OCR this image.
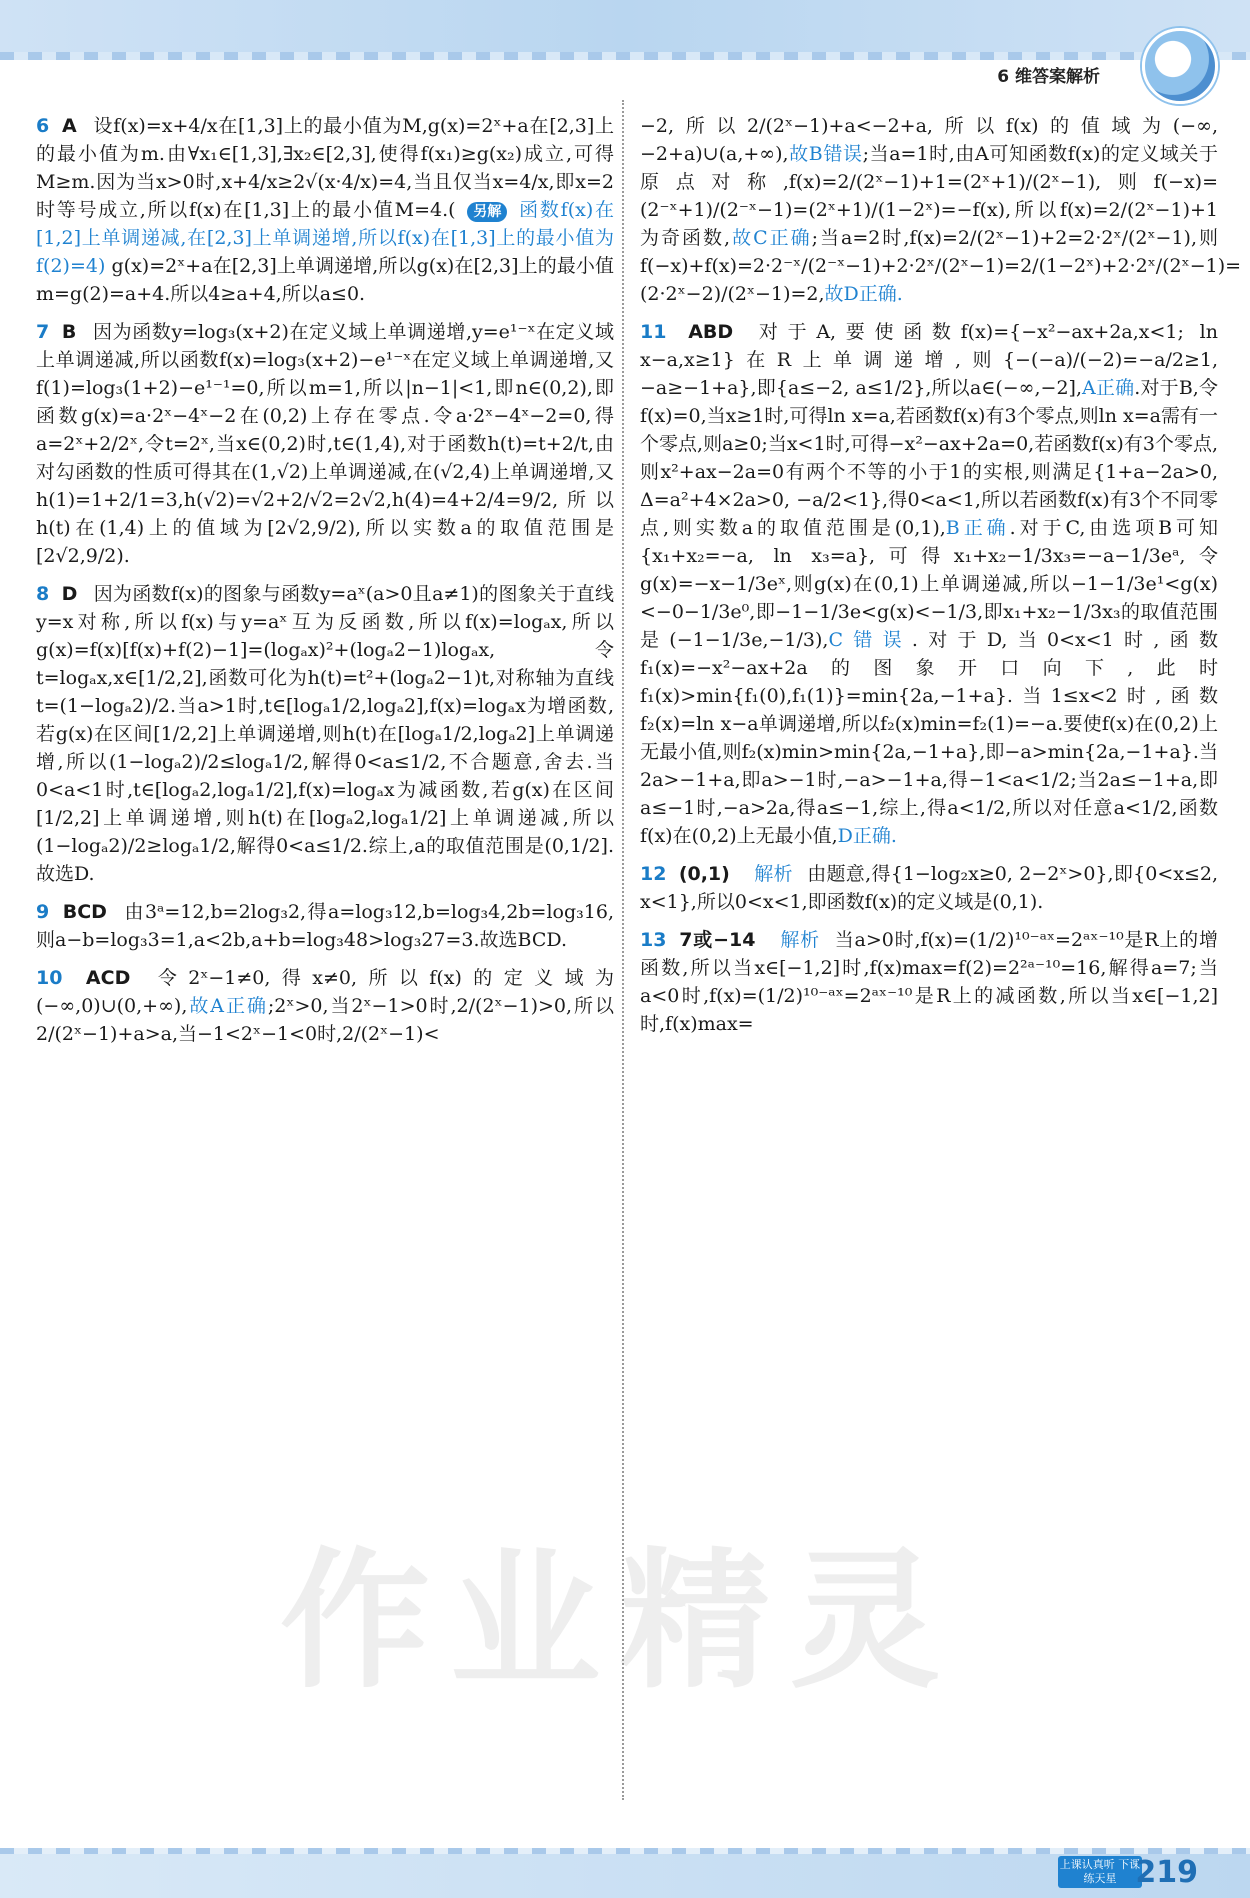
6 维答案解析
6 A 设f(x)=x+4/x在[1,3]上的最小值为M,g(x)=2ˣ+a在[2,3]上的最小值为m.由∀x₁∈[1,3],∃x₂∈[2,3],使得f(x₁)≥g(x₂)成立,可得M≥m.因为当x>0时,x+4/x≥2√(x·4/x)=4,当且仅当x=4/x,即x=2时等号成立,所以f(x)在[1,3]上的最小值M=4.( 另解 函数f(x)在[1,2]上单调递减,在[2,3]上单调递增,所以f(x)在[1,3]上的最小值为f(2)=4) g(x)=2ˣ+a在[2,3]上单调递增,所以g(x)在[2,3]上的最小值m=g(2)=a+4.所以4≥a+4,所以a≤0.
7 B 因为函数y=log₃(x+2)在定义域上单调递增,y=e¹⁻ˣ在定义域上单调递减,所以函数f(x)=log₃(x+2)−e¹⁻ˣ在定义域上单调递增,又f(1)=log₃(1+2)−e¹⁻¹=0,所以m=1,所以|n−1|<1,即n∈(0,2),即函数g(x)=a·2ˣ−4ˣ−2在(0,2)上存在零点.令a·2ˣ−4ˣ−2=0,得a=2ˣ+2/2ˣ,令t=2ˣ,当x∈(0,2)时,t∈(1,4),对于函数h(t)=t+2/t,由对勾函数的性质可得其在(1,√2)上单调递减,在(√2,4)上单调递增,又h(1)=1+2/1=3,h(√2)=√2+2/√2=2√2,h(4)=4+2/4=9/2,所以h(t)在(1,4)上的值域为[2√2,9/2),所以实数a的取值范围是[2√2,9/2).
8 D 因为函数f(x)的图象与函数y=aˣ(a>0且a≠1)的图象关于直线y=x对称,所以f(x)与y=aˣ互为反函数,所以f(x)=logₐx,所以g(x)=f(x)[f(x)+f(2)−1]=(logₐx)²+(logₐ2−1)logₐx,令t=logₐx,x∈[1/2,2],函数可化为h(t)=t²+(logₐ2−1)t,对称轴为直线t=(1−logₐ2)/2.当a>1时,t∈[logₐ1/2,logₐ2],f(x)=logₐx为增函数,若g(x)在区间[1/2,2]上单调递增,则h(t)在[logₐ1/2,logₐ2]上单调递增,所以(1−logₐ2)/2≤logₐ1/2,解得0<a≤1/2,不合题意,舍去.当0<a<1时,t∈[logₐ2,logₐ1/2],f(x)=logₐx为减函数,若g(x)在区间[1/2,2]上单调递增,则h(t)在[logₐ2,logₐ1/2]上单调递减,所以(1−logₐ2)/2≥logₐ1/2,解得0<a≤1/2.综上,a的取值范围是(0,1/2].故选D.
9 BCD 由3ᵃ=12,b=2log₃2,得a=log₃12,b=log₃4,2b=log₃16,则a−b=log₃3=1,a<2b,a+b=log₃48>log₃27=3.故选BCD.
10 ACD 令2ˣ−1≠0,得x≠0,所以f(x)的定义域为(−∞,0)∪(0,+∞),故A正确;2ˣ>0,当2ˣ−1>0时,2/(2ˣ−1)>0,所以2/(2ˣ−1)+a>a,当−1<2ˣ−1<0时,2/(2ˣ−1)<
−2,所以2/(2ˣ−1)+a<−2+a,所以f(x)的值域为(−∞,−2+a)∪(a,+∞),故B错误;当a=1时,由A可知函数f(x)的定义域关于原点对称,f(x)=2/(2ˣ−1)+1=(2ˣ+1)/(2ˣ−1),则f(−x)=(2⁻ˣ+1)/(2⁻ˣ−1)=(2ˣ+1)/(1−2ˣ)=−f(x),所以f(x)=2/(2ˣ−1)+1为奇函数,故C正确;当a=2时,f(x)=2/(2ˣ−1)+2=2·2ˣ/(2ˣ−1),则f(−x)+f(x)=2·2⁻ˣ/(2⁻ˣ−1)+2·2ˣ/(2ˣ−1)=2/(1−2ˣ)+2·2ˣ/(2ˣ−1)=(2·2ˣ−2)/(2ˣ−1)=2,故D正确.
11 ABD 对于A,要使函数f(x)={−x²−ax+2a,x<1; ln x−a,x≥1}在R上单调递增,则{−(−a)/(−2)=−a/2≥1, −a≥−1+a},即{a≤−2, a≤1/2},所以a∈(−∞,−2],A正确.对于B,令f(x)=0,当x≥1时,可得ln x=a,若函数f(x)有3个零点,则ln x=a需有一个零点,则a≥0;当x<1时,可得−x²−ax+2a=0,若函数f(x)有3个零点,则x²+ax−2a=0有两个不等的小于1的实根,则满足{1+a−2a>0, Δ=a²+4×2a>0, −a/2<1},得0<a<1,所以若函数f(x)有3个不同零点,则实数a的取值范围是(0,1),B正确.对于C,由选项B可知{x₁+x₂=−a, ln x₃=a},可得x₁+x₂−1/3x₃=−a−1/3eᵃ,令g(x)=−x−1/3eˣ,则g(x)在(0,1)上单调递减,所以−1−1/3e¹<g(x)<−0−1/3e⁰,即−1−1/3e<g(x)<−1/3,即x₁+x₂−1/3x₃的取值范围是(−1−1/3e,−1/3),C错误.对于D,当0<x<1时,函数f₁(x)=−x²−ax+2a的图象开口向下,此时f₁(x)>min{f₁(0),f₁(1)}=min{2a,−1+a}.当1≤x<2时,函数f₂(x)=ln x−a单调递增,所以f₂(x)min=f₂(1)=−a.要使f(x)在(0,2)上无最小值,则f₂(x)min>min{2a,−1+a},即−a>min{2a,−1+a}.当2a>−1+a,即a>−1时,−a>−1+a,得−1<a<1/2;当2a≤−1+a,即a≤−1时,−a>2a,得a≤−1,综上,得a<1/2,所以对任意a<1/2,函数f(x)在(0,2)上无最小值,D正确.
12 (0,1) 解析 由题意,得{1−log₂x≥0, 2−2ˣ>0},即{0<x≤2, x<1},所以0<x<1,即函数f(x)的定义域是(0,1).
13 7或−14 解析 当a>0时,f(x)=(1/2)¹⁰⁻ᵃˣ=2ᵃˣ⁻¹⁰是R上的增函数,所以当x∈[−1,2]时,f(x)max=f(2)=2²ᵃ⁻¹⁰=16,解得a=7;当a<0时,f(x)=(1/2)¹⁰⁻ᵃˣ=2ᵃˣ⁻¹⁰是R上的减函数,所以当x∈[−1,2]时,f(x)max=
作业精灵
上课认真听 下课练天星 219
